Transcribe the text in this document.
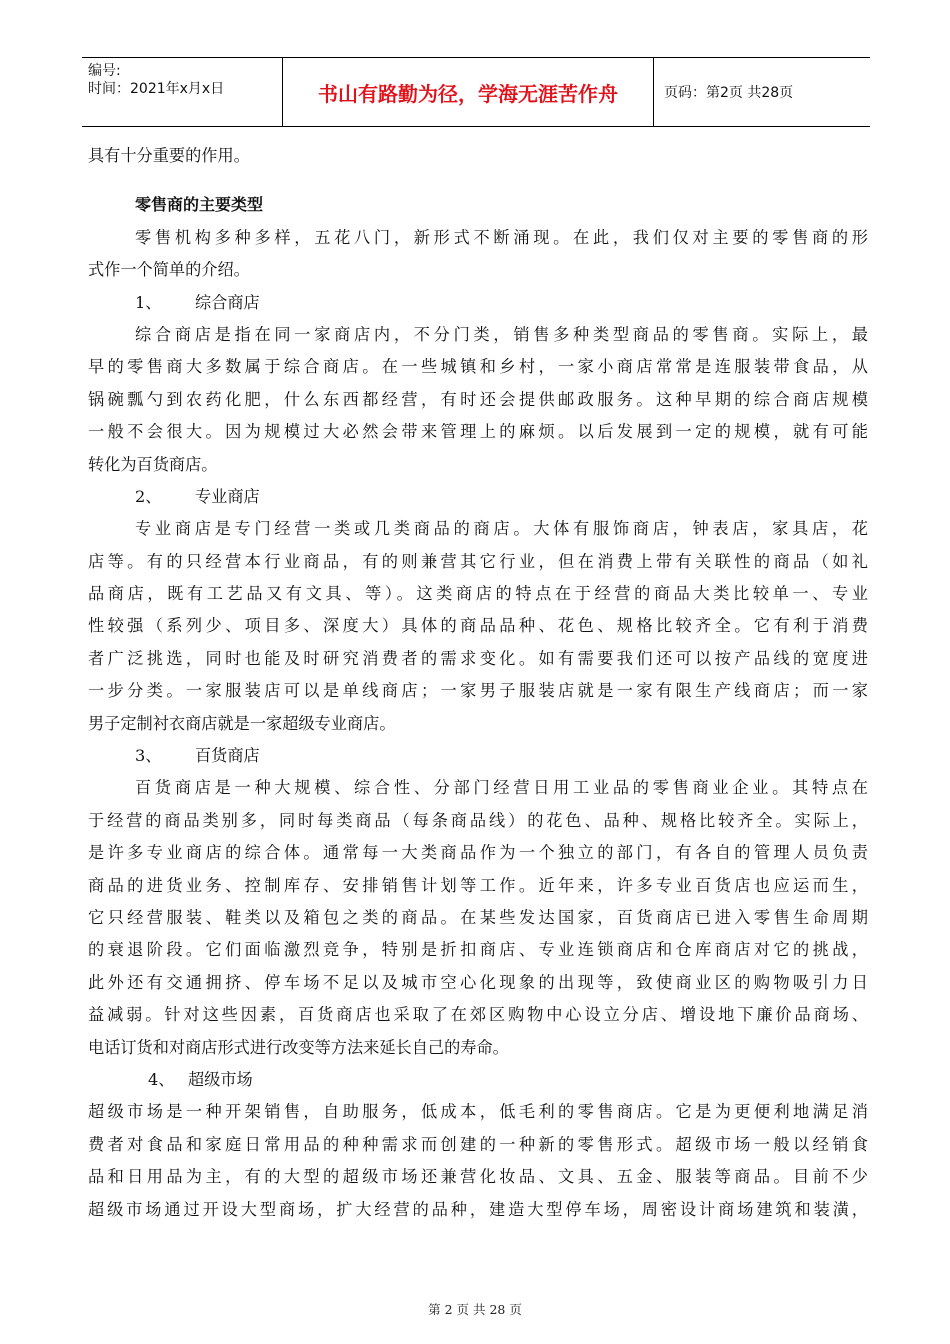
编号:
时间：2021年x月x日	书山有路勤为径，学海无涯苦作舟	页码：第2页 共28页
具有十分重要的作用。
零售商的主要类型
零售机构多种多样，五花八门，新形式不断涌现。在此，我们仅对主要的零售商的形
式作一个简单的介绍。
1、 综合商店
综合商店是指在同一家商店内，不分门类，销售多种类型商品的零售商。实际上，最
早的零售商大多数属于综合商店。在一些城镇和乡村，一家小商店常常是连服装带食品，从
锅碗瓢勺到农药化肥，什么东西都经营，有时还会提供邮政服务。这种早期的综合商店规模
一般不会很大。因为规模过大必然会带来管理上的麻烦。以后发展到一定的规模，就有可能
转化为百货商店。
2、 专业商店
专业商店是专门经营一类或几类商品的商店。大体有服饰商店，钟表店，家具店，花
店等。有的只经营本行业商品，有的则兼营其它行业，但在消费上带有关联性的商品（如礼
品商店，既有工艺品又有文具、等）。这类商店的特点在于经营的商品大类比较单一、专业
性较强（系列少、项目多、深度大）具体的商品品种、花色、规格比较齐全。它有利于消费
者广泛挑选，同时也能及时研究消费者的需求变化。如有需要我们还可以按产品线的宽度进
一步分类。一家服装店可以是单线商店；一家男子服装店就是一家有限生产线商店；而一家
男子定制衬衣商店就是一家超级专业商店。
3、 百货商店
百货商店是一种大规模、综合性、分部门经营日用工业品的零售商业企业。其特点在
于经营的商品类别多，同时每类商品（每条商品线）的花色、品种、规格比较齐全。实际上，
是许多专业商店的综合体。通常每一大类商品作为一个独立的部门，有各自的管理人员负责
商品的进货业务、控制库存、安排销售计划等工作。近年来，许多专业百货店也应运而生，
它只经营服装、鞋类以及箱包之类的商品。在某些发达国家，百货商店已进入零售生命周期
的衰退阶段。它们面临激烈竞争，特别是折扣商店、专业连锁商店和仓库商店对它的挑战，
此外还有交通拥挤、停车场不足以及城市空心化现象的出现等，致使商业区的购物吸引力日
益减弱。针对这些因素，百货商店也采取了在郊区购物中心设立分店、增设地下廉价品商场、
电话订货和对商店形式进行改变等方法来延长自己的寿命。
4、 超级市场
超级市场是一种开架销售，自助服务，低成本，低毛利的零售商店。它是为更便利地满足消
费者对食品和家庭日常用品的种种需求而创建的一种新的零售形式。超级市场一般以经销食
品和日用品为主，有的大型的超级市场还兼营化妆品、文具、五金、服装等商品。目前不少
超级市场通过开设大型商场，扩大经营的品种，建造大型停车场，周密设计商场建筑和装潢，
第 2 页 共 28 页
